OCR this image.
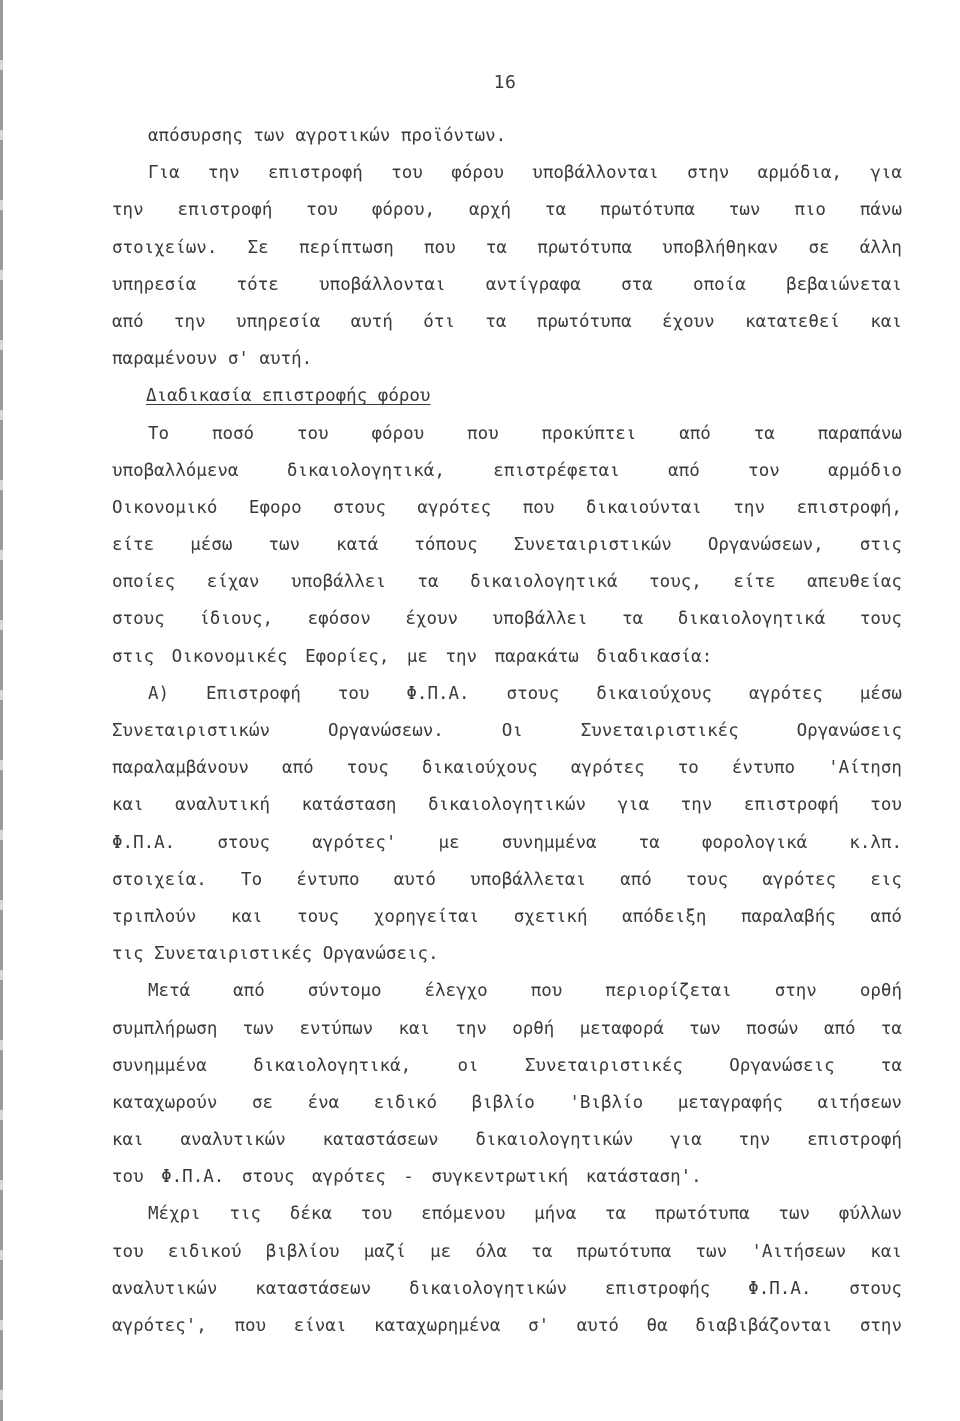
16
απόσυρσης των αγροτικών προϊόντων.
Για την επιστροφή του φόρου υποβάλλονται στην αρμόδια, για
την επιστροφή του φόρου, αρχή τα πρωτότυπα των πιο πάνω
στοιχείων. Σε περίπτωση που τα πρωτότυπα υποβλήθηκαν σε άλλη
υπηρεσία τότε υποβάλλονται αντίγραφα στα οποία βεβαιώνεται
από την υπηρεσία αυτή ότι τα πρωτότυπα έχουν κατατεθεί και
παραμένουν σ' αυτή.
Διαδικασία επιστροφής φόρου
Το ποσό του φόρου που προκύπτει από τα παραπάνω
υποβαλλόμενα	δικαιολογητικά,	επιστρέφεται	από	τον	αρμόδιο
Οικονομικό Εφορο στους αγρότες που δικαιούνται την επιστροφή,
είτε μέσω των κατά τόπους Συνεταιριστικών Οργανώσεων, στις
οποίες είχαν υποβάλλει τα δικαιολογητικά τους, είτε απευθείας
στους ίδιους, εφόσον έχουν υποβάλλει τα δικαιολογητικά τους
στις Οικονομικές Εφορίες, με την παρακάτω διαδικασία:
Α) Επιστροφή του Φ.Π.Α. στους δικαιούχους αγρότες μέσω
Συνεταιριστικών	Οργανώσεων.	Οι	Συνεταιριστικές	Οργανώσεις
παραλαμβάνουν από τους δικαιούχους αγρότες το έντυπο 'Αίτηση
και αναλυτική κατάσταση δικαιολογητικών για την επιστροφή του
Φ.Π.Α. στους αγρότες' με συνημμένα τα φορολογικά κ.λπ.
στοιχεία. Το έντυπο αυτό υποβάλλεται από τους αγρότες εις
τριπλούν και τους χορηγείται σχετική απόδειξη παραλαβής από
τις Συνεταιριστικές Οργανώσεις.
Μετά από σύντομο έλεγχο που περιορίζεται στην ορθή
συμπλήρωση των εντύπων και την ορθή μεταφορά των ποσών από τα
συνημμένα	δικαιολογητικά,	οι	Συνεταιριστικές	Οργανώσεις	τα
καταχωρούν σε ένα ειδικό βιβλίο 'Βιβλίο μεταγραφής αιτήσεων
και αναλυτικών καταστάσεων δικαιολογητικών για την επιστροφή
του Φ.Π.Α. στους αγρότες - συγκεντρωτική κατάσταση'.
Μέχρι τις δέκα του επόμενου μήνα τα πρωτότυπα των φύλλων
του ειδικού βιβλίου μαζί με όλα τα πρωτότυπα των 'Αιτήσεων και
αναλυτικών καταστάσεων δικαιολογητικών επιστροφής Φ.Π.Α. στους
αγρότες', που είναι καταχωρημένα σ' αυτό θα διαβιβάζονται στην
